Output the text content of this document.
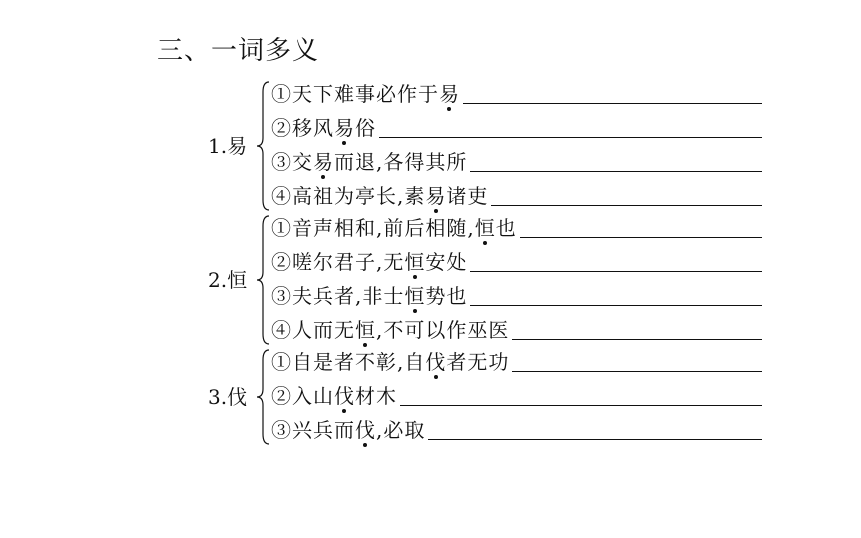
三、一词多义
1.易
①天下难事必作于易
②移风易俗
③交易而退,各得其所
④高祖为亭长,素易诸吏
2.恒
①音声相和,前后相随,恒也
②嗟尔君子,无恒安处
③夫兵者,非士恒势也
④人而无恒,不可以作巫医
3.伐
①自是者不彰,自伐者无功
②入山伐材木
③兴兵而伐,必取
